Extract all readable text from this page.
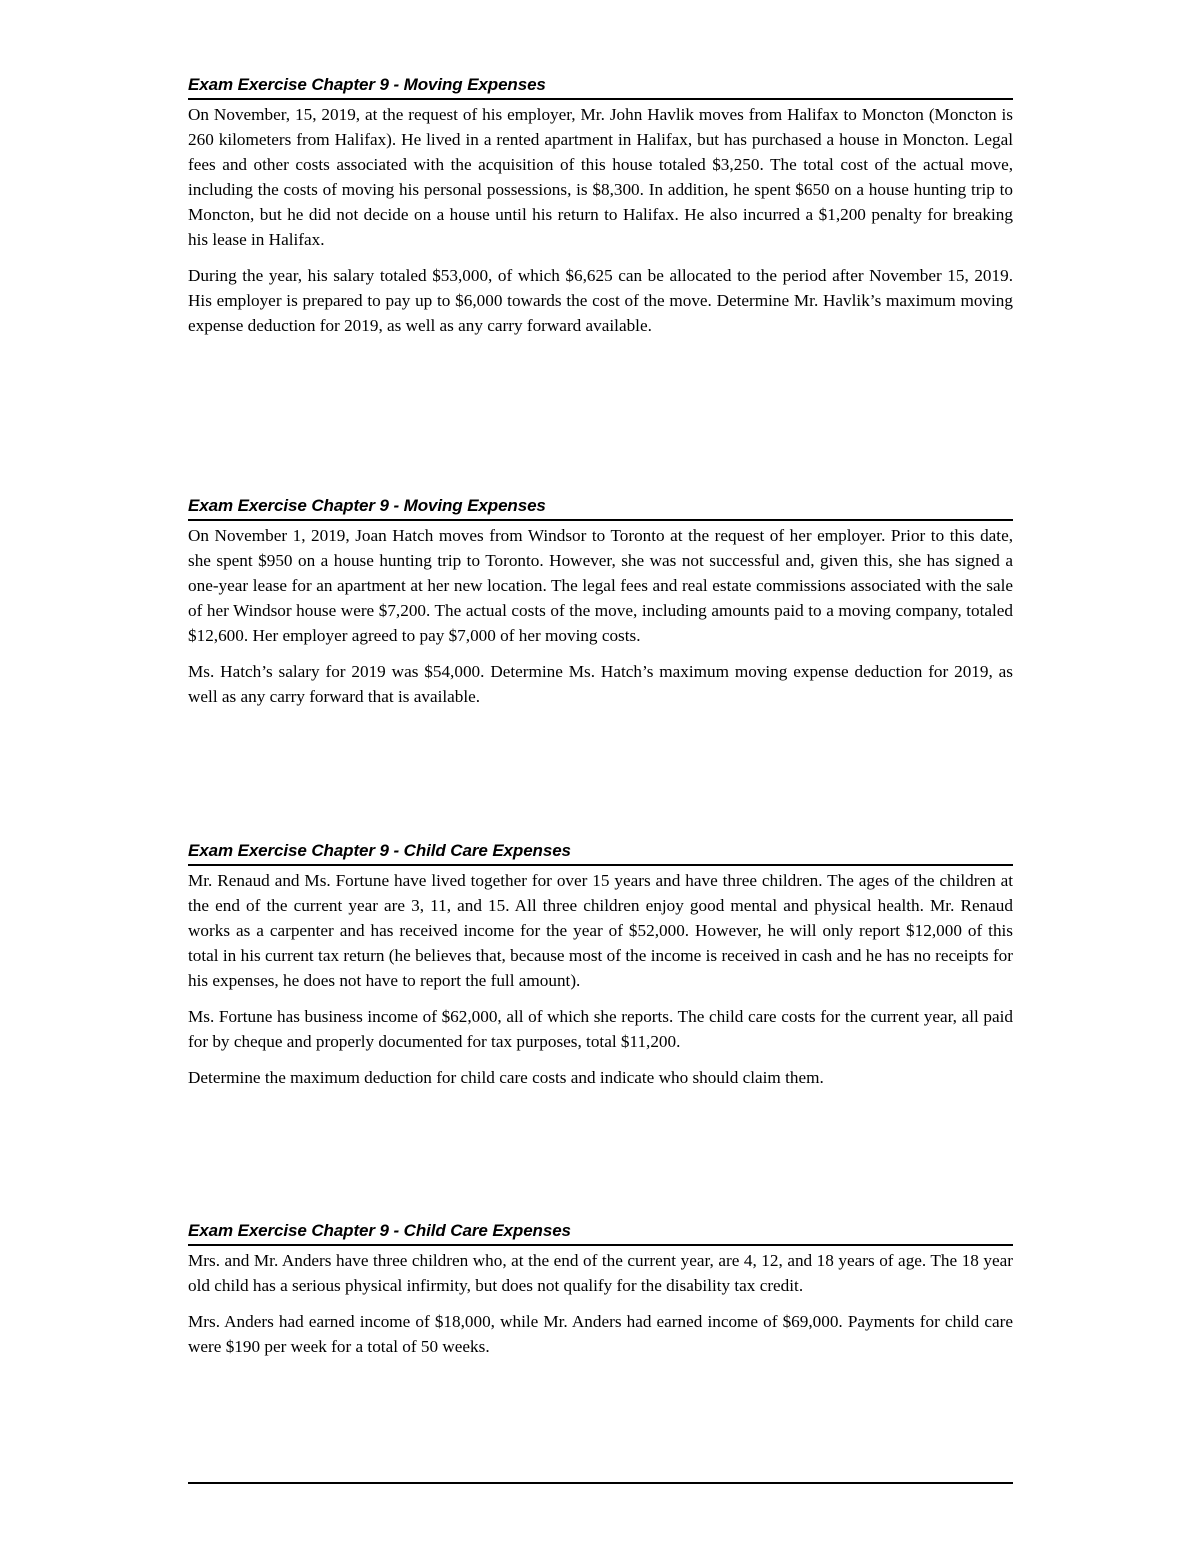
Exam Exercise Chapter 9 - Moving Expenses

On November, 15, 2019, at the request of his employer, Mr. John Havlik moves from Halifax to Moncton (Moncton is 260 kilometers from Halifax). He lived in a rented apartment in Halifax, but has purchased a house in Moncton. Legal fees and other costs associated with the acquisition of this house totaled $3,250. The total cost of the actual move, including the costs of moving his personal possessions, is $8,300. In addition, he spent $650 on a house hunting trip to Moncton, but he did not decide on a house until his return to Halifax. He also incurred a $1,200 penalty for breaking his lease in Halifax.

During the year, his salary totaled $53,000, of which $6,625 can be allocated to the period after November 15, 2019. His employer is prepared to pay up to $6,000 towards the cost of the move. Determine Mr. Havlik’s maximum moving expense deduction for 2019, as well as any carry forward available.

Exam Exercise Chapter 9 - Moving Expenses

On November 1, 2019, Joan Hatch moves from Windsor to Toronto at the request of her employer. Prior to this date, she spent $950 on a house hunting trip to Toronto. However, she was not successful and, given this, she has signed a one-year lease for an apartment at her new location. The legal fees and real estate commissions associated with the sale of her Windsor house were $7,200. The actual costs of the move, including amounts paid to a moving company, totaled $12,600. Her employer agreed to pay $7,000 of her moving costs.

Ms. Hatch’s salary for 2019 was $54,000. Determine Ms. Hatch’s maximum moving expense deduction for 2019, as well as any carry forward that is available.

Exam Exercise Chapter 9 - Child Care Expenses

Mr. Renaud and Ms. Fortune have lived together for over 15 years and have three children. The ages of the children at the end of the current year are 3, 11, and 15. All three children enjoy good mental and physical health. Mr. Renaud works as a carpenter and has received income for the year of $52,000. However, he will only report $12,000 of this total in his current tax return (he believes that, because most of the income is received in cash and he has no receipts for his expenses, he does not have to report the full amount).

Ms. Fortune has business income of $62,000, all of which she reports. The child care costs for the current year, all paid for by cheque and properly documented for tax purposes, total $11,200.

Determine the maximum deduction for child care costs and indicate who should claim them.

Exam Exercise Chapter 9 - Child Care Expenses

Mrs. and Mr. Anders have three children who, at the end of the current year, are 4, 12, and 18 years of age. The 18 year old child has a serious physical infirmity, but does not qualify for the disability tax credit.

Mrs. Anders had earned income of $18,000, while Mr. Anders had earned income of $69,000. Payments for child care were $190 per week for a total of 50 weeks.
